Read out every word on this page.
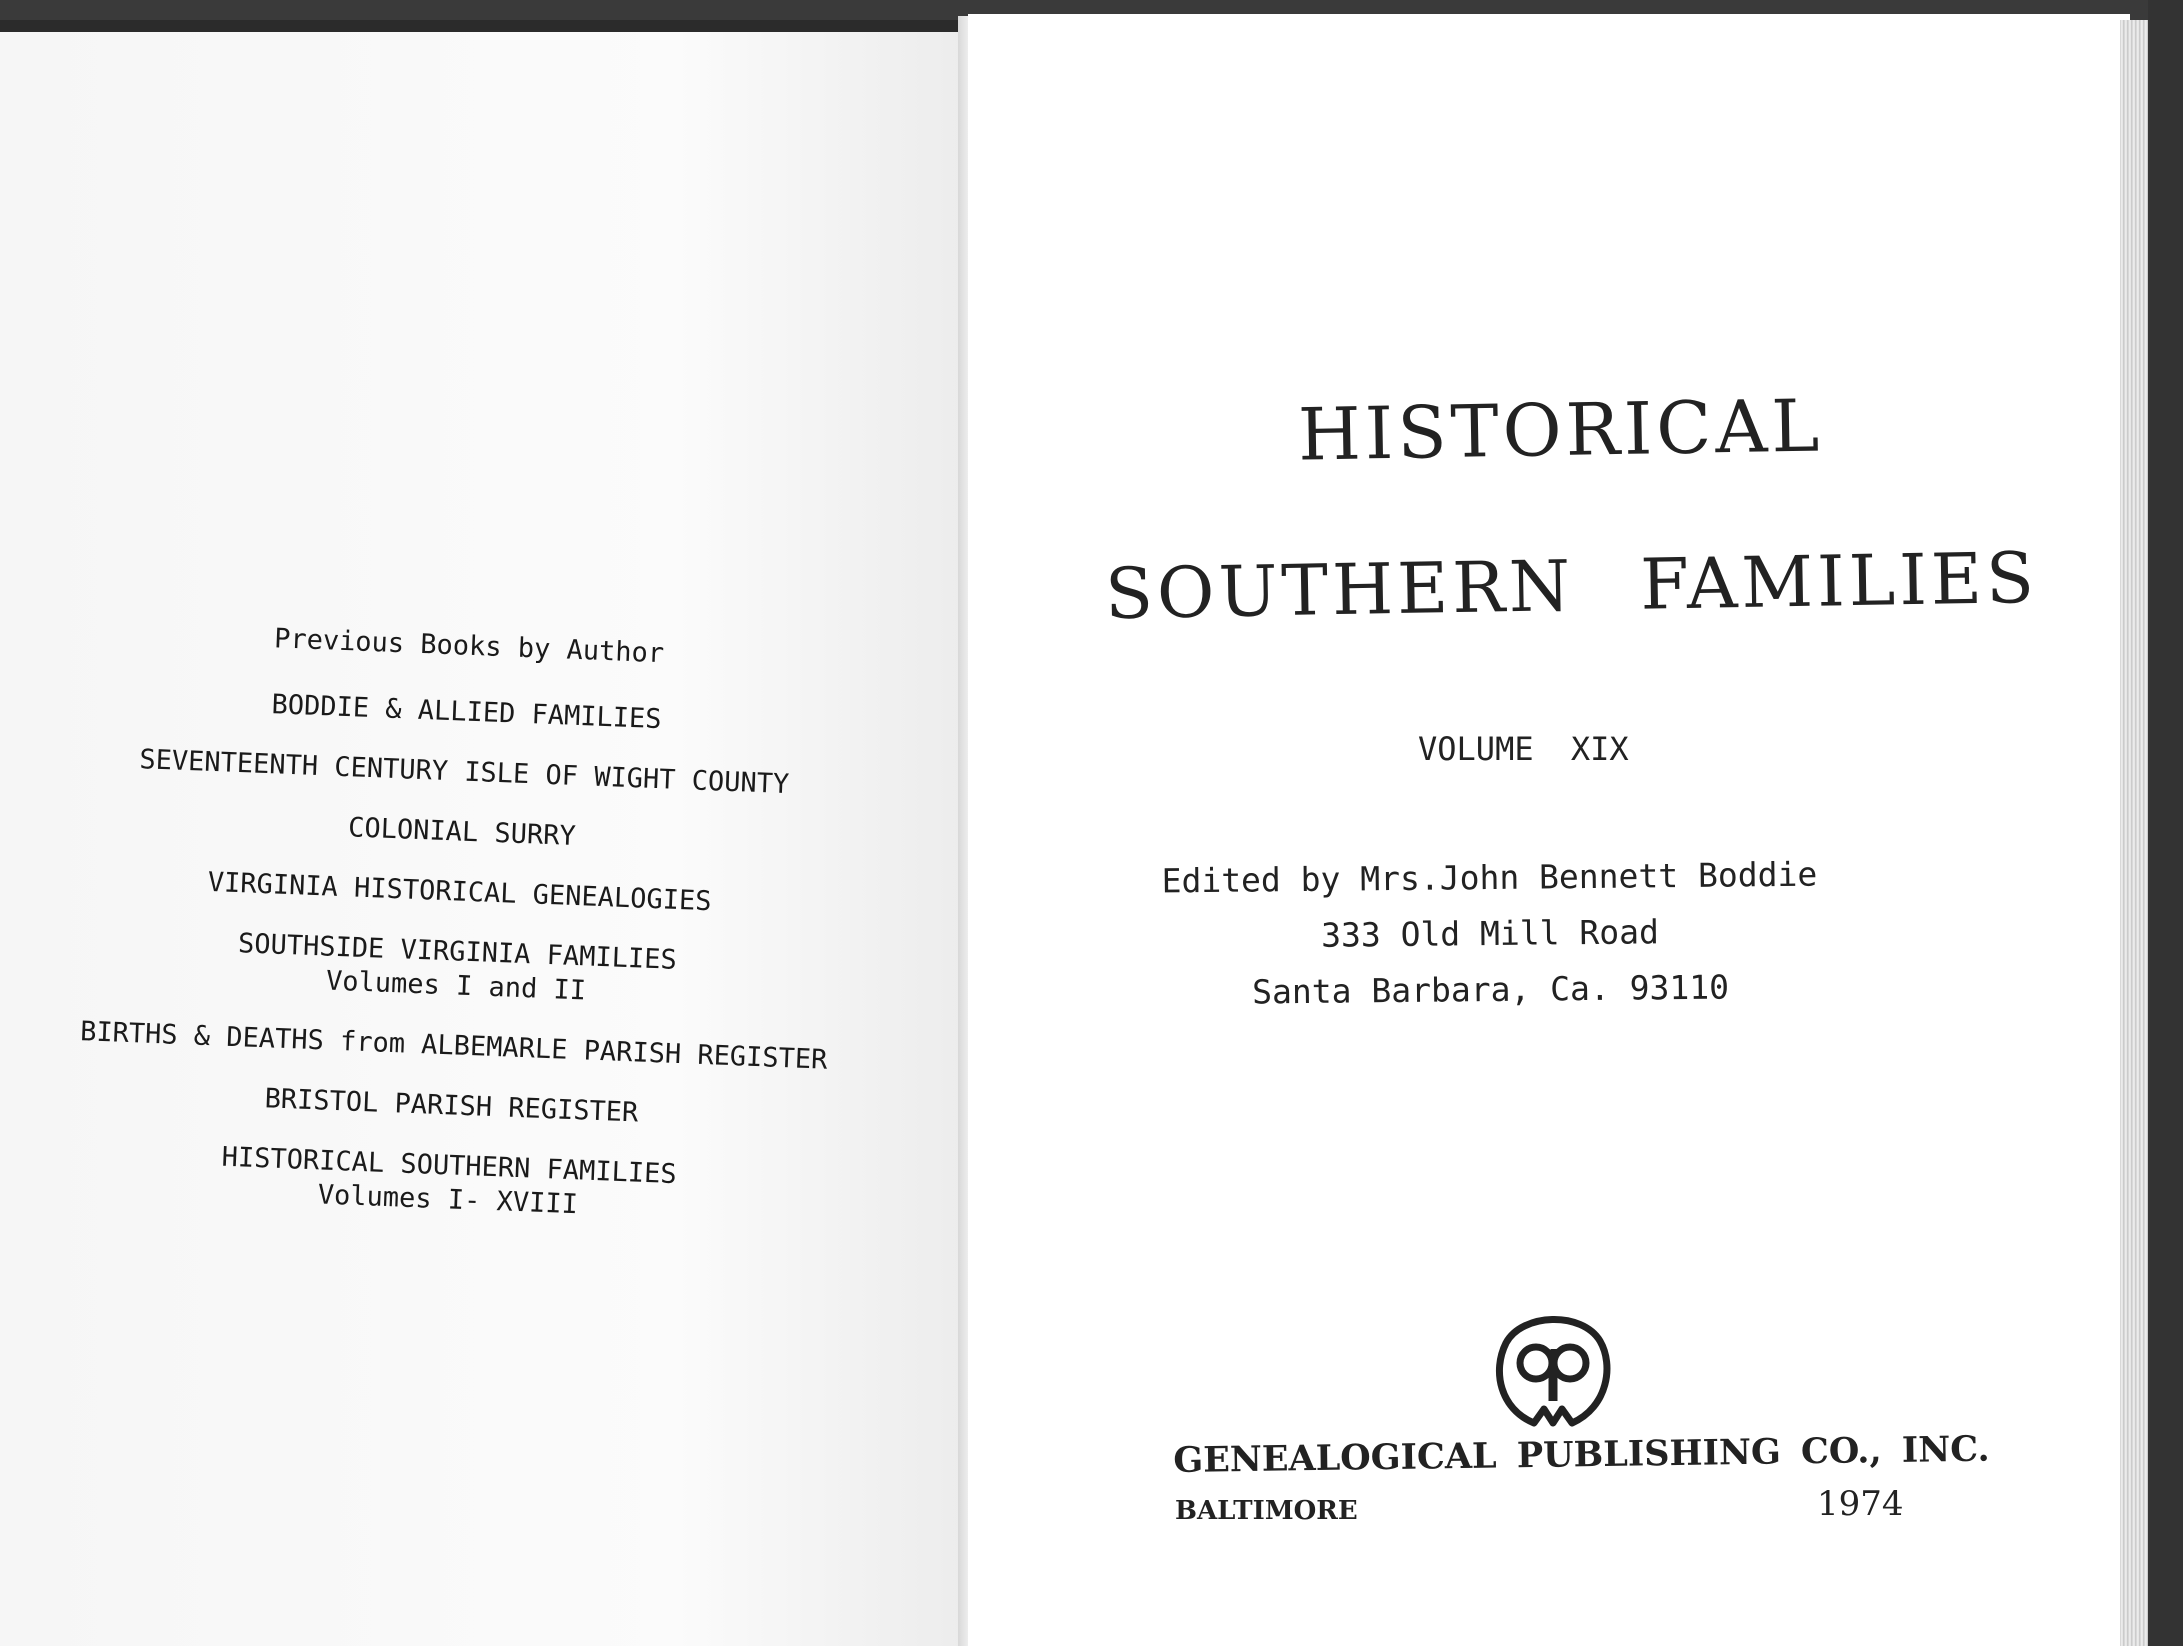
Previous Books by Author
BODDIE & ALLIED FAMILIES
SEVENTEENTH CENTURY ISLE OF WIGHT COUNTY
COLONIAL SURRY
VIRGINIA HISTORICAL GENEALOGIES
SOUTHSIDE VIRGINIA FAMILIES
Volumes I and II
BIRTHS & DEATHS from ALBEMARLE PARISH REGISTER
BRISTOL PARISH REGISTER
HISTORICAL SOUTHERN FAMILIES
Volumes I- XVIII
HISTORICAL
SOUTHERN FAMILIES
VOLUME XIX
Edited by Mrs.John Bennett Boddie
333 Old Mill Road
Santa Barbara, Ca. 93110
GENEALOGICAL PUBLISHING CO., INC.
BALTIMORE	1974
